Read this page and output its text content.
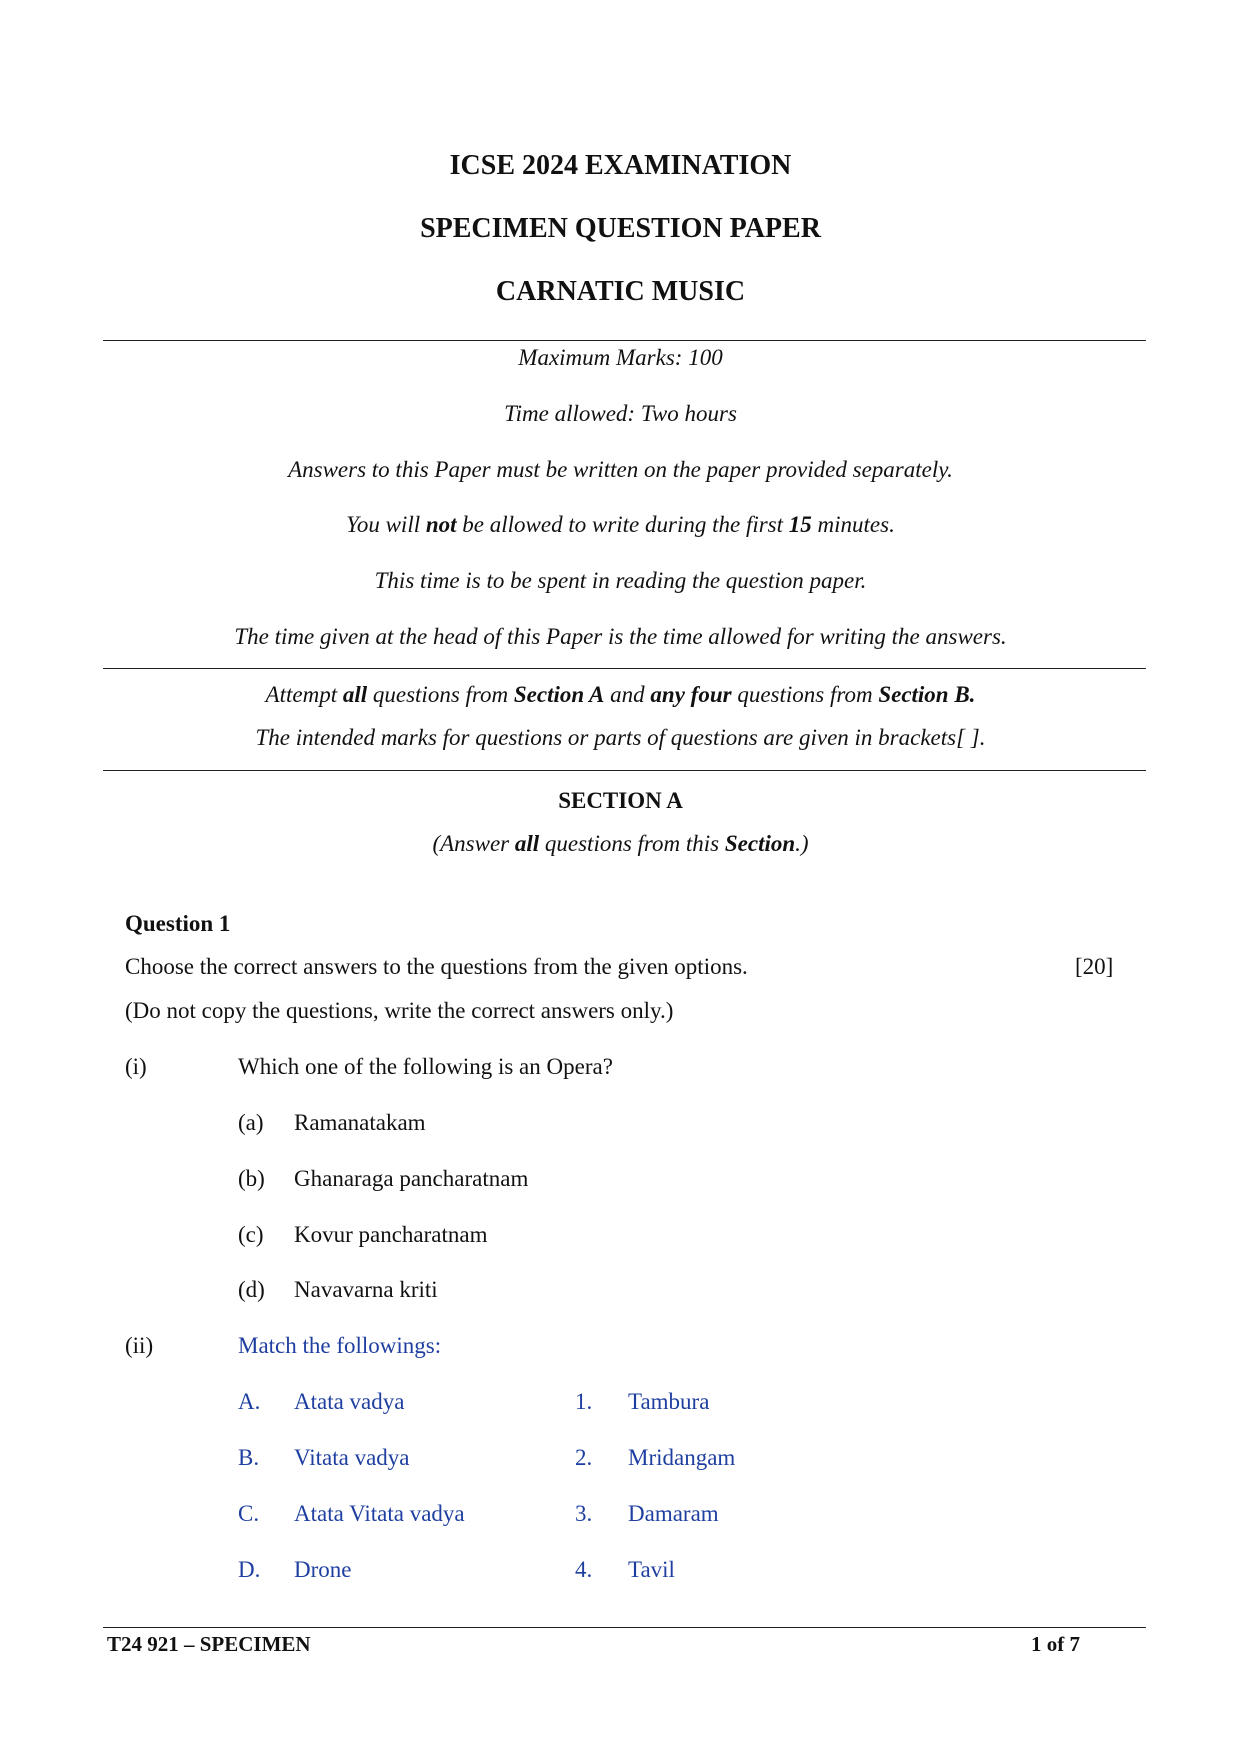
ICSE 2024 EXAMINATION
SPECIMEN QUESTION PAPER
CARNATIC MUSIC
Maximum Marks: 100
Time allowed: Two hours
Answers to this Paper must be written on the paper provided separately.
You will not be allowed to write during the first 15 minutes.
This time is to be spent in reading the question paper.
The time given at the head of this Paper is the time allowed for writing the answers.
Attempt all questions from Section A and any four questions from Section B.
The intended marks for questions or parts of questions are given in brackets[ ].
SECTION A
(Answer all questions from this Section.)
Question 1
Choose the correct answers to the questions from the given options.	[20]
(Do not copy the questions, write the correct answers only.)
(i)	Which one of the following is an Opera?
(a) Ramanatakam
(b) Ghanaraga pancharatnam
(c) Kovur pancharatnam
(d) Navavarna kriti
(ii)	Match the followings:
A. Atata vadya	1. Tambura
B. Vitata vadya	2. Mridangam
C. Atata Vitata vadya	3. Damaram
D. Drone	4. Tavil
T24 921 – SPECIMEN	1 of 7
